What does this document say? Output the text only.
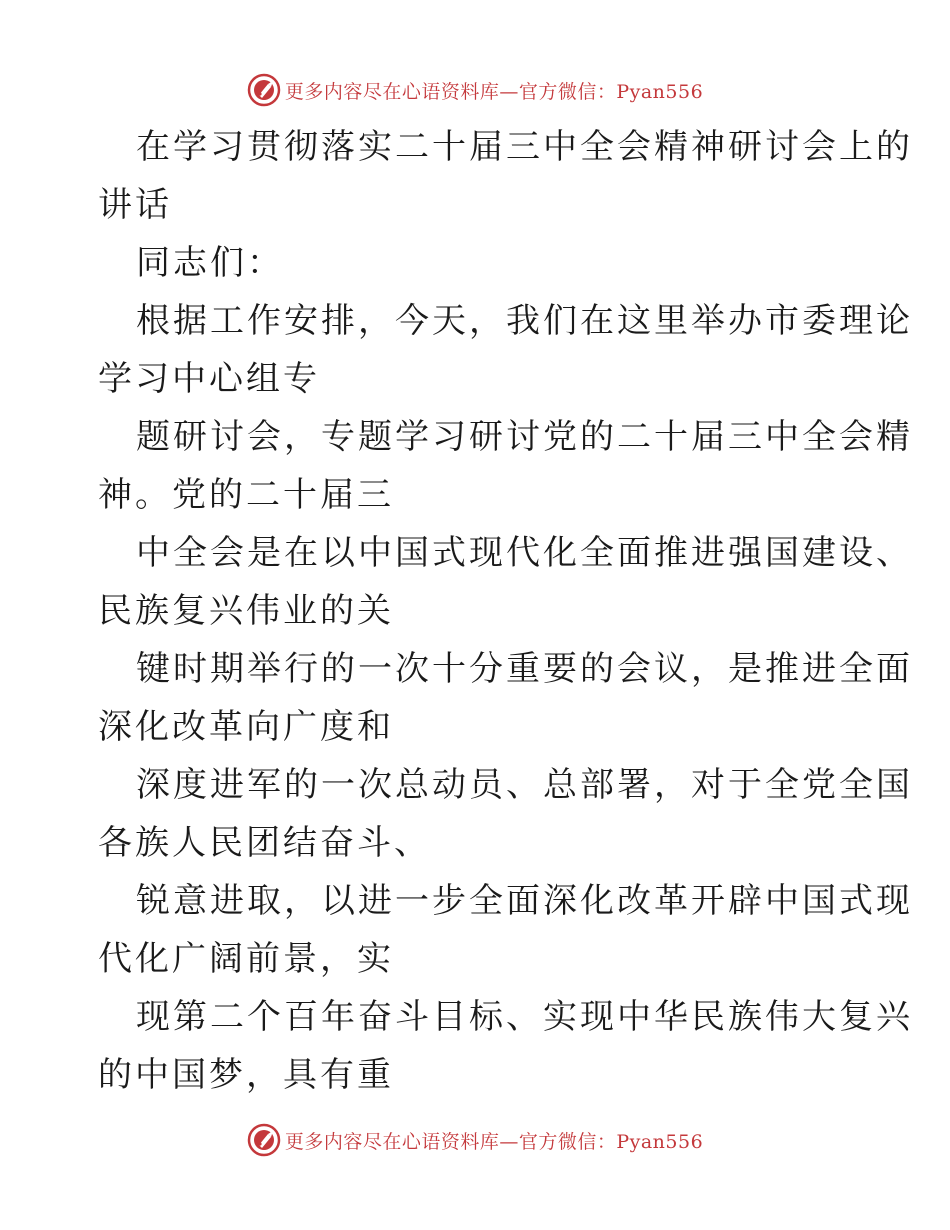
更多内容尽在心语资料库—官方微信：Pyan556
在学习贯彻落实二十届三中全会精神研讨会上的
讲话
同志们：
根据工作安排，今天，我们在这里举办市委理论
学习中心组专
题研讨会，专题学习研讨党的二十届三中全会精
神。党的二十届三
中全会是在以中国式现代化全面推进强国建设、
民族复兴伟业的关
键时期举行的一次十分重要的会议，是推进全面
深化改革向广度和
深度进军的一次总动员、总部署，对于全党全国
各族人民团结奋斗、
锐意进取，以进一步全面深化改革开辟中国式现
代化广阔前景，实
现第二个百年奋斗目标、实现中华民族伟大复兴
的中国梦，具有重
更多内容尽在心语资料库—官方微信：Pyan556
